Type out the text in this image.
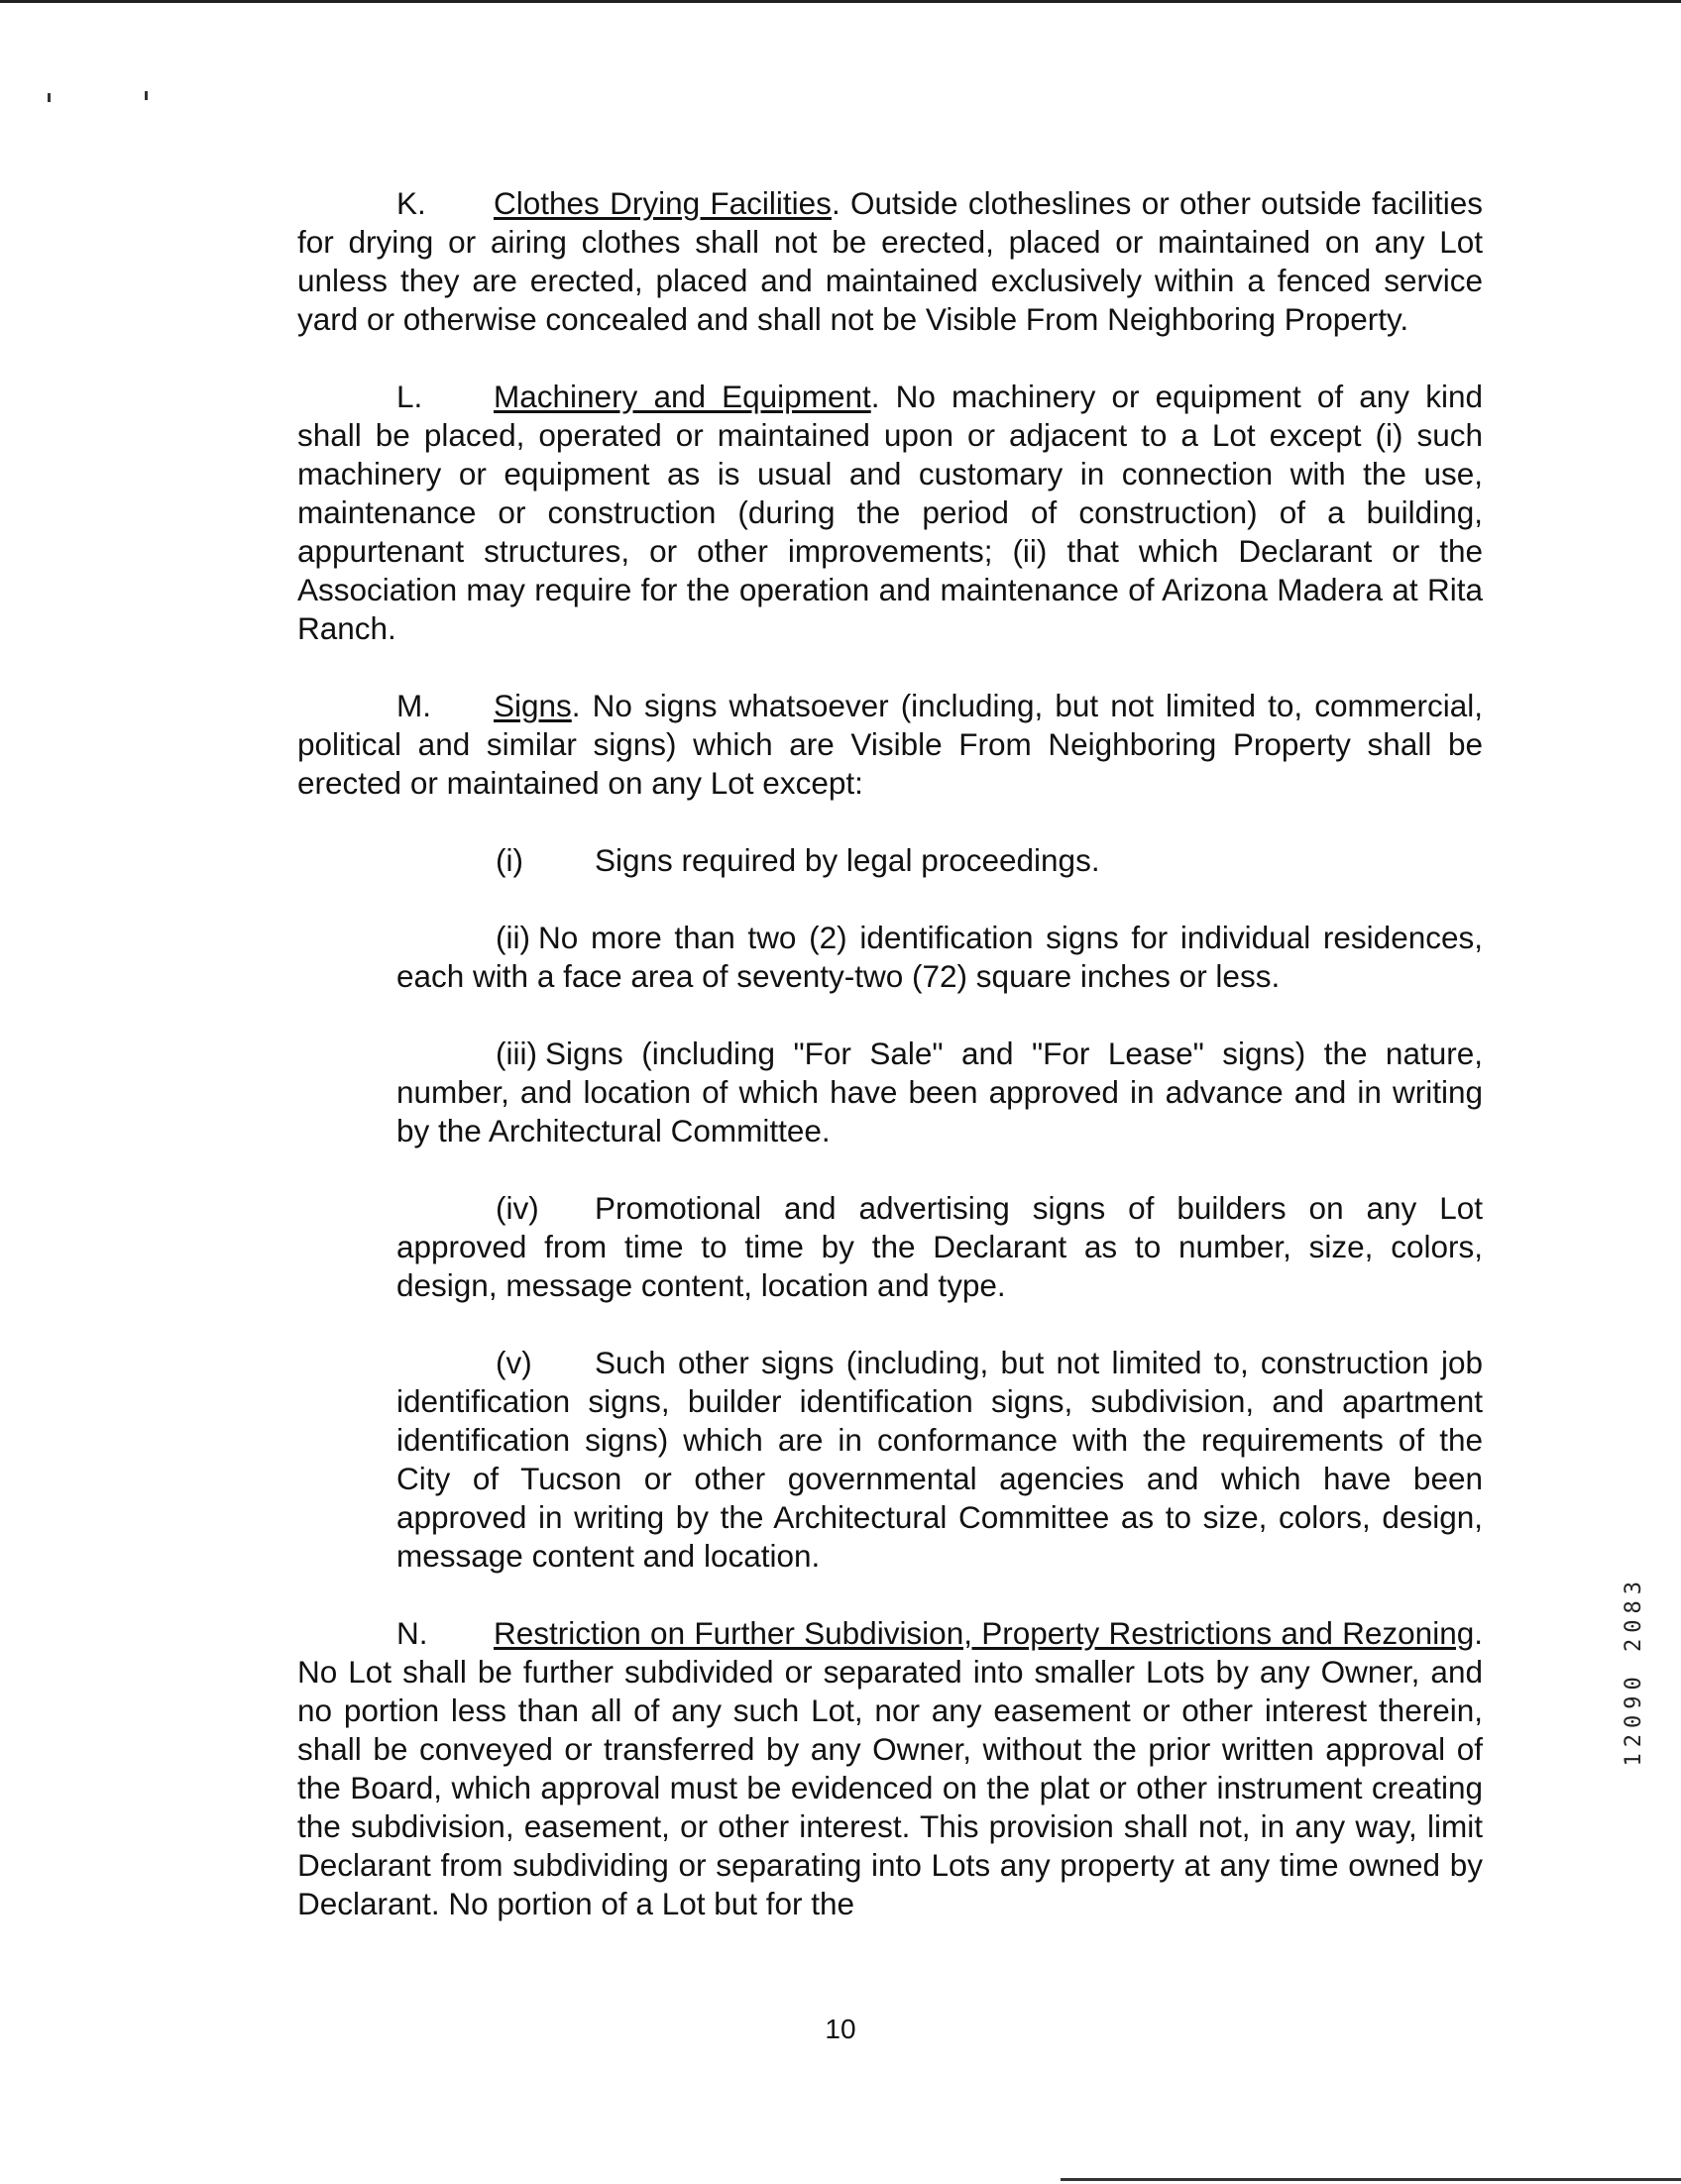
K. Clothes Drying Facilities. Outside clotheslines or other outside facilities for drying or airing clothes shall not be erected, placed or maintained on any Lot unless they are erected, placed and maintained exclusively within a fenced service yard or otherwise concealed and shall not be Visible From Neighboring Property.

L. Machinery and Equipment. No machinery or equipment of any kind shall be placed, operated or maintained upon or adjacent to a Lot except (i) such machinery or equipment as is usual and customary in connection with the use, maintenance or construction (during the period of construction) of a building, appurtenant structures, or other improvements; (ii) that which Declarant or the Association may require for the operation and maintenance of Arizona Madera at Rita Ranch.

M. Signs. No signs whatsoever (including, but not limited to, commercial, political and similar signs) which are Visible From Neighboring Property shall be erected or maintained on any Lot except:

(i) Signs required by legal proceedings.

(ii) No more than two (2) identification signs for individual residences, each with a face area of seventy-two (72) square inches or less.

(iii) Signs (including "For Sale" and "For Lease" signs) the nature, number, and location of which have been approved in advance and in writing by the Architectural Committee.

(iv) Promotional and advertising signs of builders on any Lot approved from time to time by the Declarant as to number, size, colors, design, message content, location and type.

(v) Such other signs (including, but not limited to, construction job identification signs, builder identification signs, subdivision, and apartment identification signs) which are in conformance with the requirements of the City of Tucson or other governmental agencies and which have been approved in writing by the Architectural Committee as to size, colors, design, message content and location.

N. Restriction on Further Subdivision, Property Restrictions and Rezoning. No Lot shall be further subdivided or separated into smaller Lots by any Owner, and no portion less than all of any such Lot, nor any easement or other interest therein, shall be conveyed or transferred by any Owner, without the prior written approval of the Board, which approval must be evidenced on the plat or other instrument creating the subdivision, easement, or other interest. This provision shall not, in any way, limit Declarant from subdividing or separating into Lots any property at any time owned by Declarant. No portion of a Lot but for the

12090 2083
10
